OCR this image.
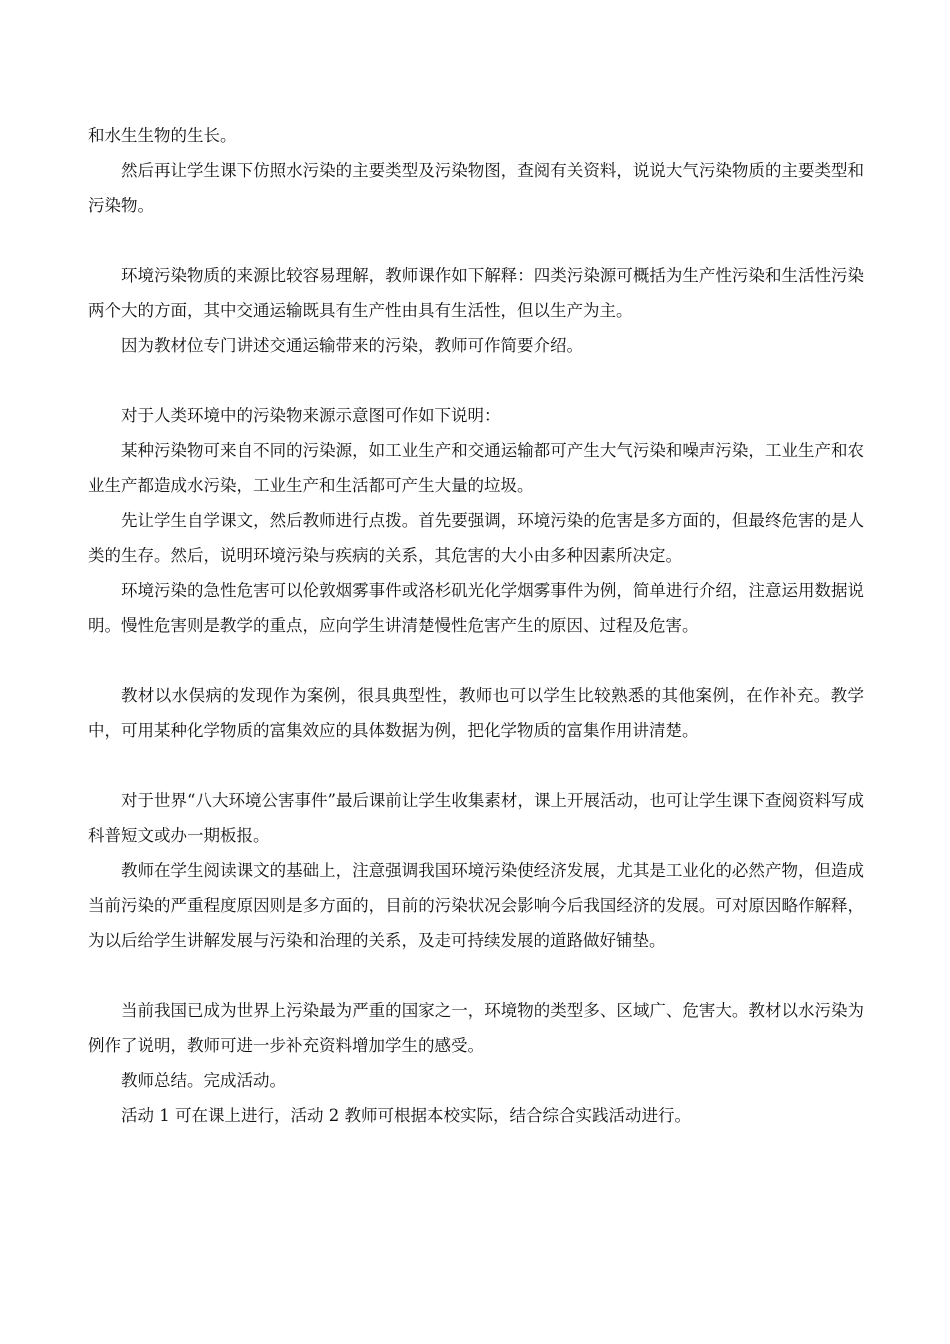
和水生生物的生长。

然后再让学生课下仿照水污染的主要类型及污染物图，查阅有关资料，说说大气污染物质的主要类型和污染物。

环境污染物质的来源比较容易理解，教师课作如下解释：四类污染源可概括为生产性污染和生活性污染两个大的方面，其中交通运输既具有生产性由具有生活性，但以生产为主。

因为教材位专门讲述交通运输带来的污染，教师可作简要介绍。

对于人类环境中的污染物来源示意图可作如下说明：

某种污染物可来自不同的污染源，如工业生产和交通运输都可产生大气污染和噪声污染，工业生产和农业生产都造成水污染，工业生产和生活都可产生大量的垃圾。

先让学生自学课文，然后教师进行点拨。首先要强调，环境污染的危害是多方面的，但最终危害的是人类的生存。然后，说明环境污染与疾病的关系，其危害的大小由多种因素所决定。

环境污染的急性危害可以伦敦烟雾事件或洛杉矶光化学烟雾事件为例，简单进行介绍，注意运用数据说明。慢性危害则是教学的重点，应向学生讲清楚慢性危害产生的原因、过程及危害。

教材以水俣病的发现作为案例，很具典型性，教师也可以学生比较熟悉的其他案例，在作补充。教学中，可用某种化学物质的富集效应的具体数据为例，把化学物质的富集作用讲清楚。

对于世界“八大环境公害事件”最后课前让学生收集素材，课上开展活动，也可让学生课下查阅资料写成科普短文或办一期板报。

教师在学生阅读课文的基础上，注意强调我国环境污染使经济发展，尤其是工业化的必然产物，但造成当前污染的严重程度原因则是多方面的，目前的污染状况会影响今后我国经济的发展。可对原因略作解释，为以后给学生讲解发展与污染和治理的关系，及走可持续发展的道路做好铺垫。

当前我国已成为世界上污染最为严重的国家之一，环境物的类型多、区域广、危害大。教材以水污染为例作了说明，教师可进一步补充资料增加学生的感受。

教师总结。完成活动。

活动 1 可在课上进行，活动 2 教师可根据本校实际，结合综合实践活动进行。
